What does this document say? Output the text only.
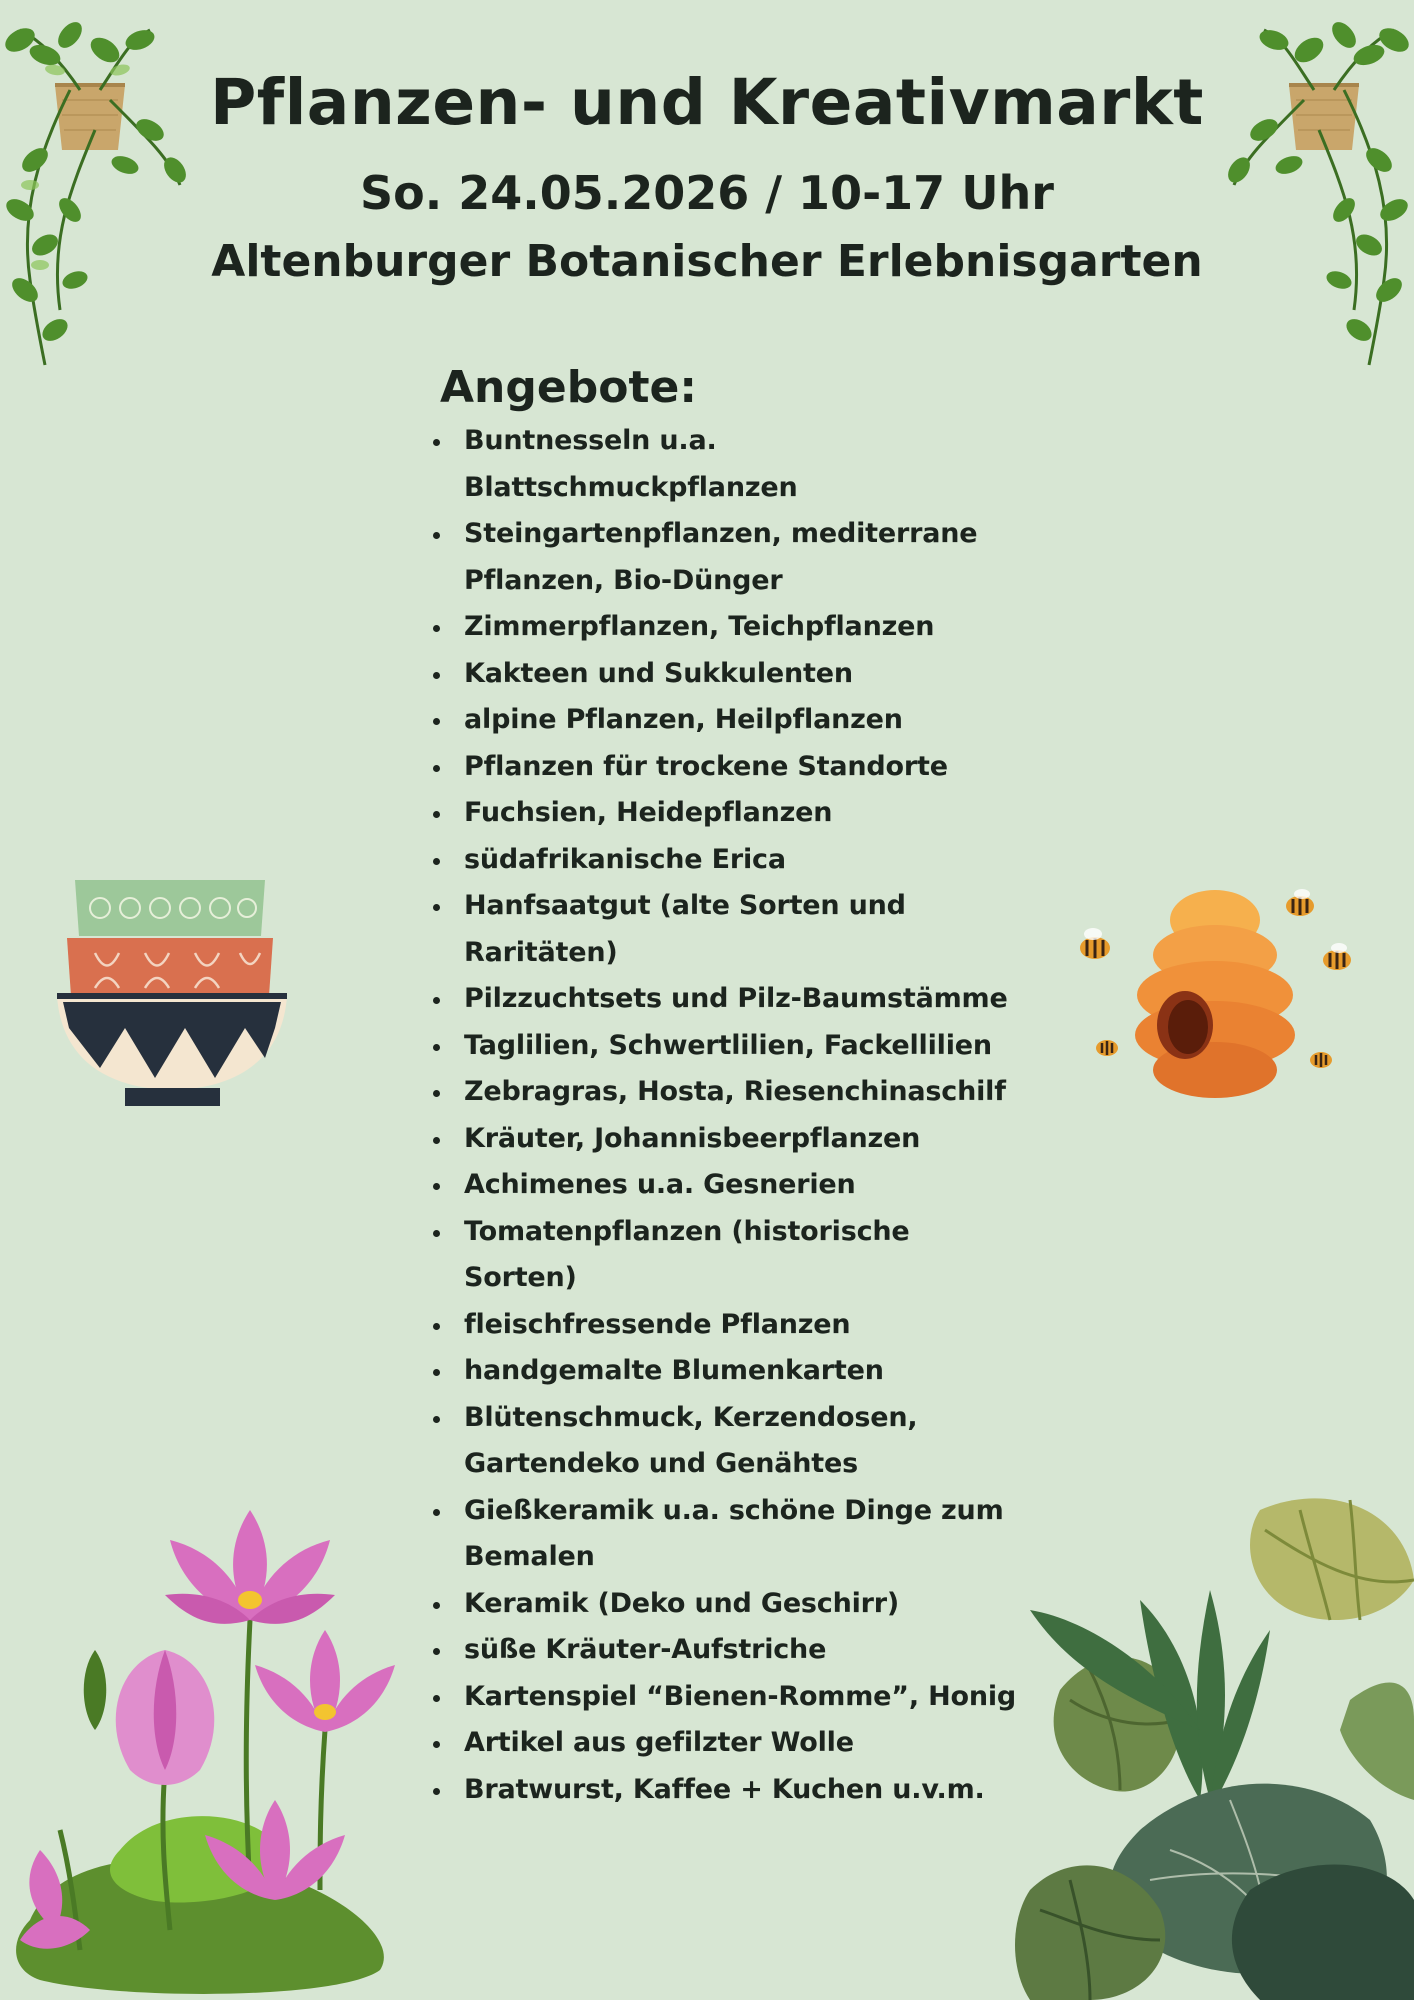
Pflanzen- und Kreativmarkt

So. 24.05.2026 / 10-17 Uhr

Altenburger Botanischer Erlebnisgarten

Angebote:
Buntnesseln u.a. Blattschmuckpflanzen
Steingartenpflanzen, mediterrane Pflanzen, Bio-Dünger
Zimmerpflanzen, Teichpflanzen
Kakteen und Sukkulenten
alpine Pflanzen, Heilpflanzen
Pflanzen für trockene Standorte
Fuchsien, Heidepflanzen
südafrikanische Erica
Hanfsaatgut (alte Sorten und Raritäten)
Pilzzuchtsets und Pilz-Baumstämme
Taglilien, Schwertlilien, Fackellilien
Zebragras, Hosta, Riesenchinaschilf
Kräuter, Johannisbeerpflanzen
Achimenes u.a. Gesnerien
Tomatenpflanzen (historische Sorten)
fleischfressende Pflanzen
handgemalte Blumenkarten
Blütenschmuck, Kerzendosen, Gartendeko und Genähtes
Gießkeramik u.a. schöne Dinge zum Bemalen
Keramik (Deko und Geschirr)
süße Kräuter-Aufstriche
Kartenspiel “Bienen-Romme”, Honig
Artikel aus gefilzter Wolle
Bratwurst, Kaffee + Kuchen u.v.m.
